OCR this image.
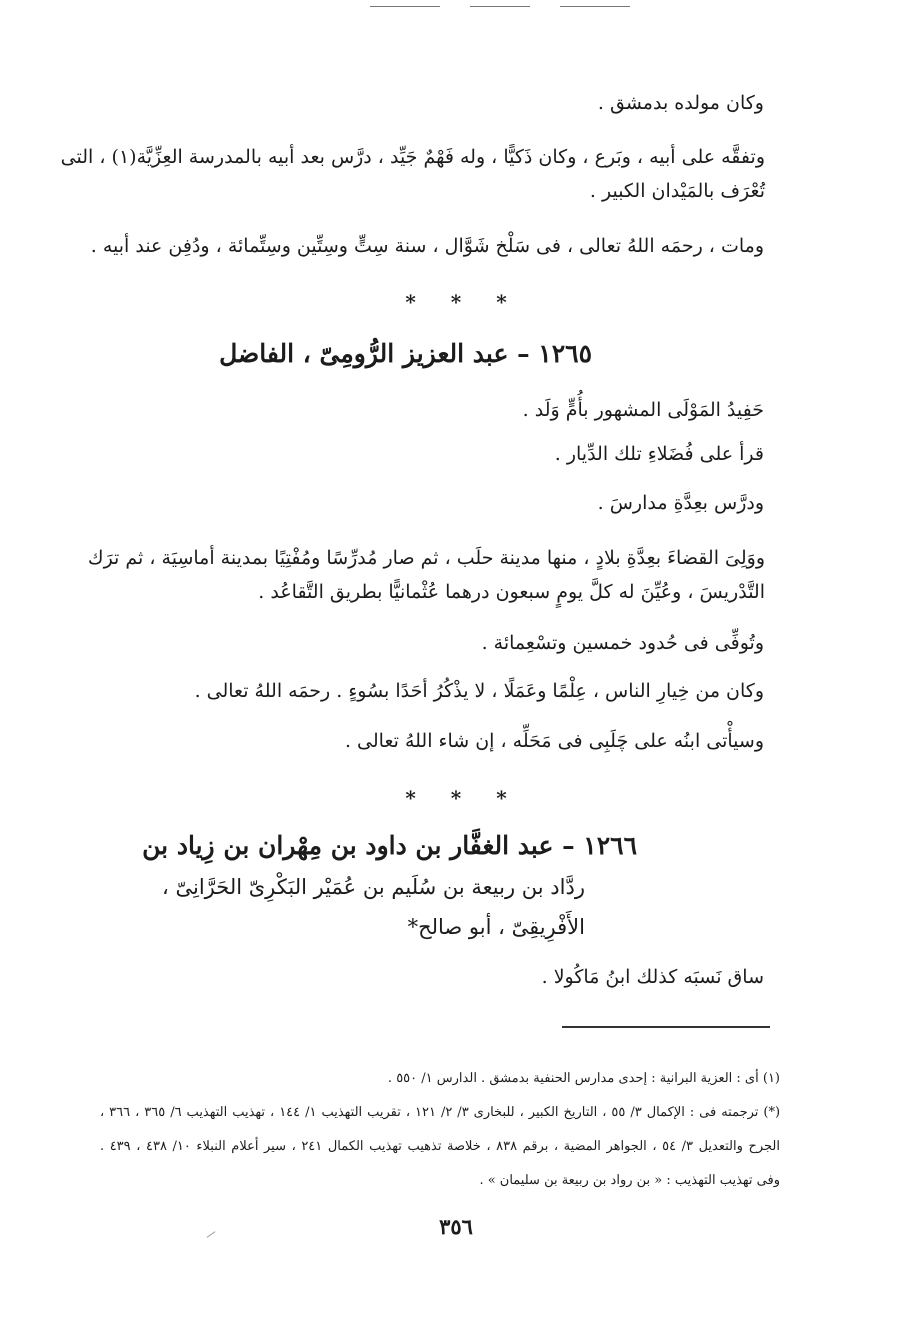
وكان مولده بدمشق .
وتفقَّه على أبيه ، وبَرع ، وكان ذَكيًّا ، وله فَهْمٌ جَيِّد ، درَّس بعد أبيه بالمدرسة العِزِّيَّة(١) ، التى
تُعْرَف بالمَيْدان الكبير .
ومات ، رحمَه اللهُ تعالى ، فى سَلْخ شَوَّال ، سنة سِتٍّ وسِتِّين وسِتِّمائة ، ودُفِن عند أبيه .
* * *
١٢٦٥ – عبد العزيز الرُّومِىّ ، الفاضل
حَفِيدُ المَوْلَى المشهور بأُمٍّ وَلَد .
قرأ على فُضَلاءِ تلك الدِّيار .
ودرَّس بعِدَّةِ مدارسَ .
ووَلِىَ القضاءَ بعِدَّةِ بلادٍ ، منها مدينة حلَب ، ثم صار مُدرِّسًا ومُفْتِيًا بمدينة أماسِيَة ، ثم ترَك
التَّدْريسَ ، وعُيِّنَ له كلَّ يومٍ سبعون درهما عُثْمانيًّا بطريق التَّقاعُد .
وتُوفِّى فى حُدود خمسين وتسْعِمائة .
وكان من خِيارِ الناس ، عِلْمًا وعَمَلًا ، لا يذْكُرُ أحَدًا بسُوءٍ . رحمَه اللهُ تعالى .
وسيأْتى ابنُه على چَلَبِى فى مَحَلِّه ، إن شاء اللهُ تعالى .
* * *
١٢٦٦ – عبد الغفَّار بن داود بن مِهْران بن زِياد بن
ردَّاد بن ربيعة بن سُلَيم بن عُمَيْر البَكْرِىّ الحَرَّانِىّ ،
الأَفْرِيقِىّ ، أبو صالح*
ساق نَسبَه كذلك ابنُ مَاكُولا .
(١) أى : العزية البرانية : إحدى مدارس الحنفية بدمشق . الدارس ١/ ٥٥٠ .
(*) ترجمته فى : الإكمال ٣/ ٥٥ ، التاريخ الكبير ، للبخارى ٣/ ٢/ ١٢١ ، تقريب التهذيب ١/ ١٤٤ ، تهذيب التهذيب ٦/ ٣٦٥ ، ٣٦٦ ،
الجرح والتعديل ٣/ ٥٤ ، الجواهر المضية ، برقم ٨٣٨ ، خلاصة تذهيب تهذيب الكمال ٢٤١ ، سير أعلام النبلاء ١٠/ ٤٣٨ ، ٤٣٩ .
وفى تهذيب التهذيب : « بن رواد بن ربيعة بن سليمان » .
٣٥٦
